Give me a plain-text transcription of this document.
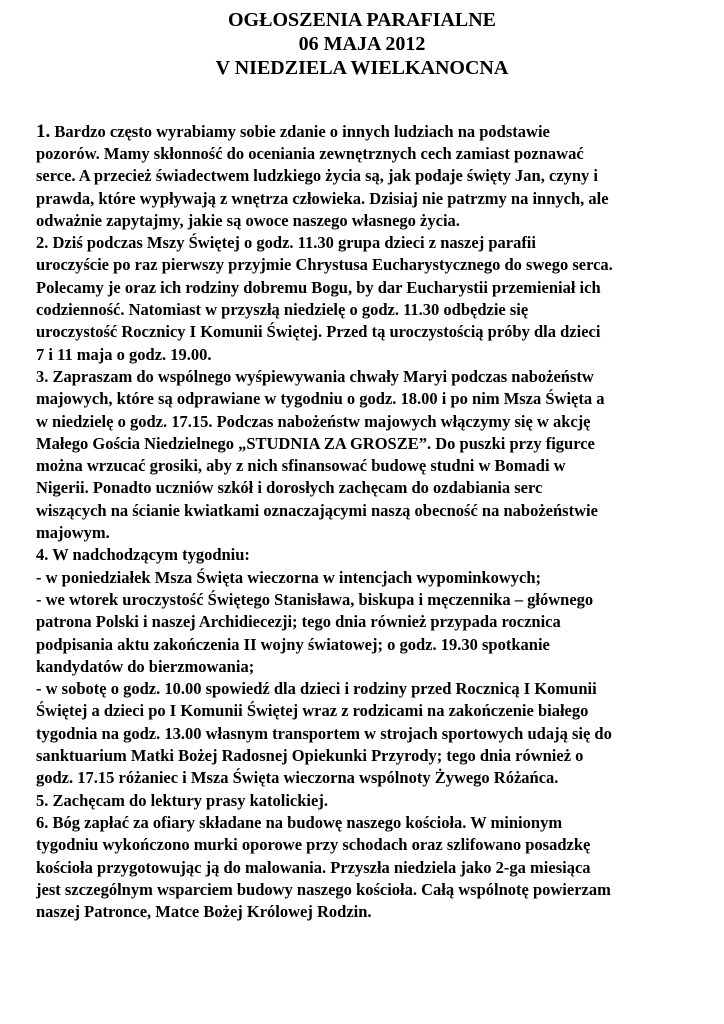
OGŁOSZENIA PARAFIALNE
06 MAJA 2012
V NIEDZIELA WIELKANOCNA
1. Bardzo często wyrabiamy sobie zdanie o innych ludziach na podstawie
pozorów. Mamy skłonność do oceniania zewnętrznych cech zamiast poznawać
serce. A przecież świadectwem ludzkiego życia są, jak podaje święty Jan, czyny i
prawda, które wypływają z wnętrza człowieka. Dzisiaj nie patrzmy na innych, ale
odważnie zapytajmy, jakie są owoce naszego własnego życia.
2. Dziś podczas Mszy Świętej o godz. 11.30 grupa dzieci z naszej parafii
uroczyście po raz pierwszy przyjmie Chrystusa Eucharystycznego do swego serca.
Polecamy je oraz ich rodziny dobremu Bogu, by dar Eucharystii przemieniał ich
codzienność. Natomiast w przyszłą niedzielę o godz. 11.30 odbędzie się
uroczystość Rocznicy I Komunii Świętej. Przed tą uroczystością próby dla dzieci
7 i 11 maja o godz. 19.00.
3. Zapraszam do wspólnego wyśpiewywania chwały Maryi podczas nabożeństw
majowych, które są odprawiane w tygodniu o godz. 18.00 i po nim Msza Święta a
w niedzielę o godz. 17.15. Podczas nabożeństw majowych włączymy się w akcję
Małego Gościa Niedzielnego „STUDNIA ZA GROSZE”. Do puszki przy figurce
można wrzucać grosiki, aby z nich sfinansować budowę studni w Bomadi w
Nigerii. Ponadto uczniów szkół i dorosłych zachęcam do ozdabiania serc
wiszących na ścianie kwiatkami oznaczającymi naszą obecność na nabożeństwie
majowym.
4. W nadchodzącym tygodniu:
- w poniedziałek Msza Święta wieczorna w intencjach wypominkowych;
- we wtorek uroczystość Świętego Stanisława, biskupa i męczennika – głównego
patrona Polski i naszej Archidiecezji; tego dnia również przypada rocznica
podpisania aktu zakończenia II wojny światowej; o godz. 19.30 spotkanie
kandydatów do bierzmowania;
- w sobotę o godz. 10.00 spowiedź dla dzieci i rodziny przed Rocznicą I Komunii
Świętej a dzieci po I Komunii Świętej wraz z rodzicami na zakończenie białego
tygodnia na godz. 13.00 własnym transportem w strojach sportowych udają się do
sanktuarium Matki Bożej Radosnej Opiekunki Przyrody; tego dnia również o
godz. 17.15 różaniec i Msza Święta wieczorna wspólnoty Żywego Różańca.
5. Zachęcam do lektury prasy katolickiej.
6. Bóg zapłać za ofiary składane na budowę naszego kościoła. W minionym
tygodniu wykończono murki oporowe przy schodach oraz szlifowano posadzkę
kościoła przygotowując ją do malowania. Przyszła niedziela jako 2-ga miesiąca
jest szczególnym wsparciem budowy naszego kościoła. Całą wspólnotę powierzam
naszej Patronce, Matce Bożej Królowej Rodzin.
